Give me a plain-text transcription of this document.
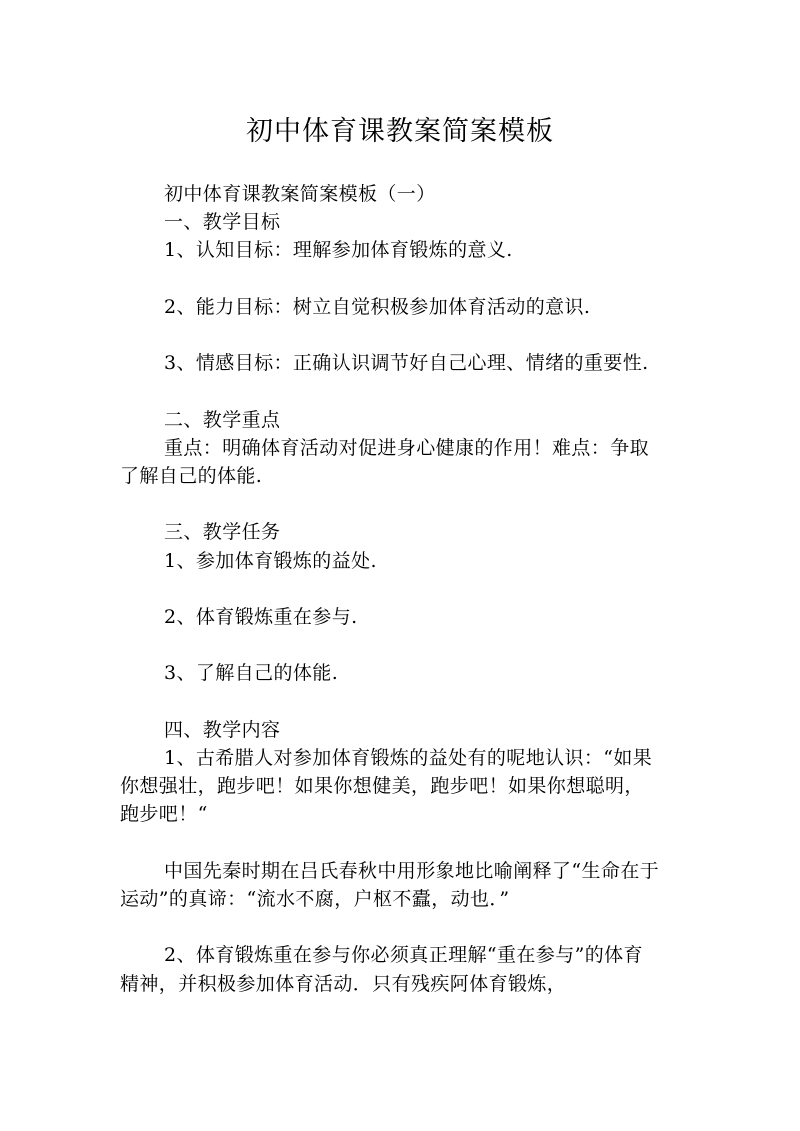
初中体育课教案简案模板

初中体育课教案简案模板（一）

一、教学目标

1、认知目标：理解参加体育锻炼的意义.

2、能力目标：树立自觉积极参加体育活动的意识.

3、情感目标：正确认识调节好自己心理、情绪的重要性.

二、教学重点

重点：明确体育活动对促进身心健康的作用！难点：争取了解自己的体能.

三、教学任务

1、参加体育锻炼的益处.

2、体育锻炼重在参与.

3、了解自己的体能.

四、教学内容

1、古希腊人对参加体育锻炼的益处有的呢地认识：“如果你想强壮，跑步吧！如果你想健美，跑步吧！如果你想聪明，跑步吧！“

中国先秦时期在吕氏春秋中用形象地比喻阐释了“生命在于运动”的真谛：“流水不腐，户枢不蠹，动也．”

2、体育锻炼重在参与你必须真正理解“重在参与”的体育精神，并积极参加体育活动．只有残疾阿体育锻炼，
